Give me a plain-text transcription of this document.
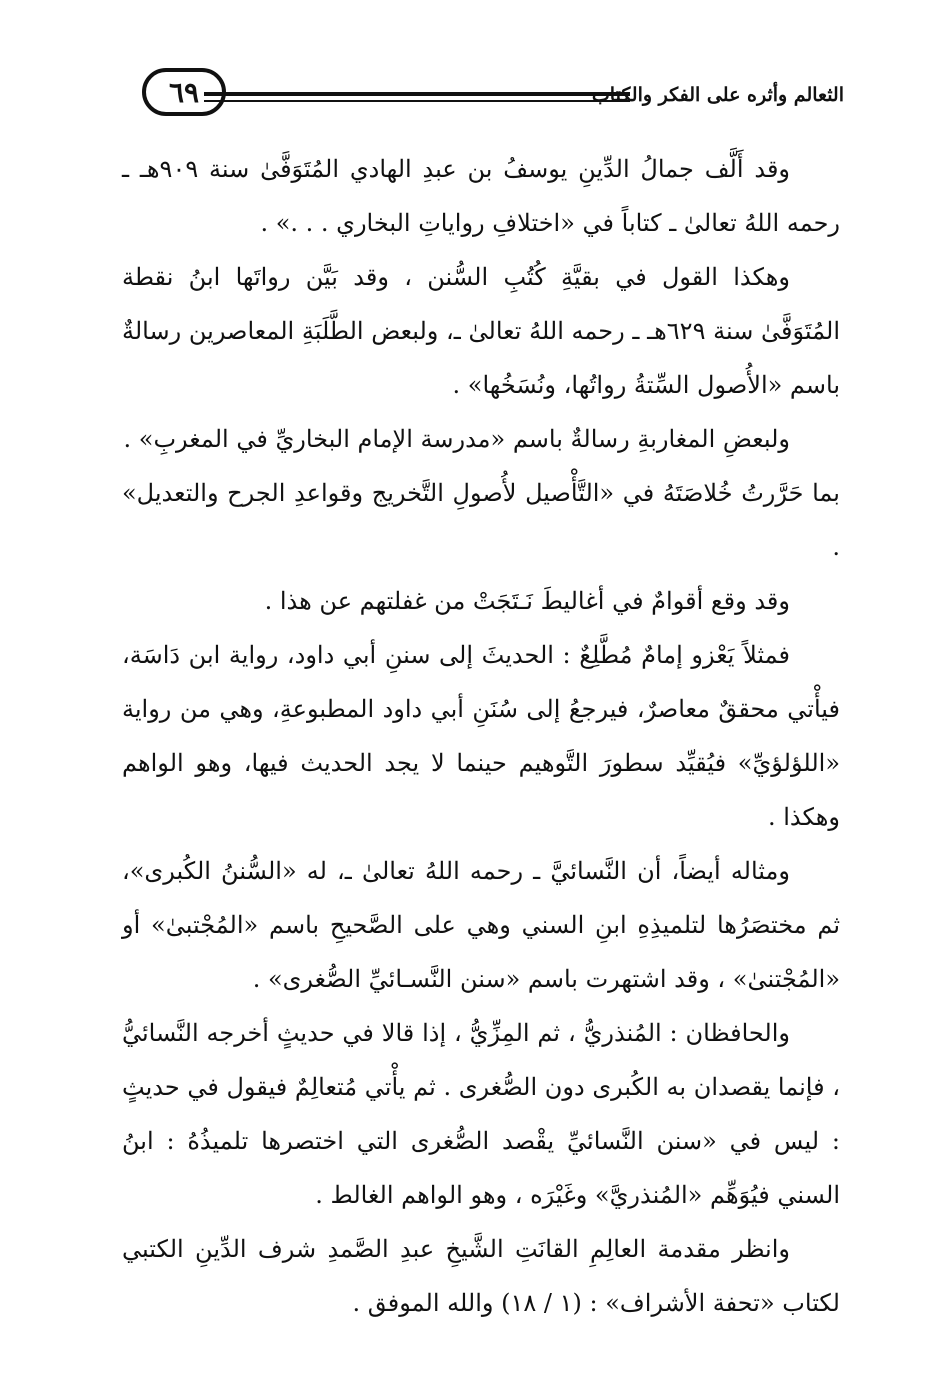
٦٩	الثعالم وأثره على الفكر والكتاب

وقد أَلَّف جمالُ الدِّينِ يوسفُ بن عبدِ الهادي المُتَوَفَّىٰ سنة ٩٠٩هـ ـ رحمه اللهُ تعالىٰ ـ كتاباً في «اختلافِ رواياتِ البخاري . . .» .

وهكذا القول في بقيَّةِ كُتُبِ السُّنن ، وقد بَيَّن رواتَها ابنُ نقطة المُتَوَفَّىٰ سنة ٦٢٩هـ ـ رحمه اللهُ تعالىٰ ـ، ولبعض الطَّلَبَةِ المعاصرين رسالةٌ باسم «الأُصول السِّتةُ رواتُها، ونُسَخُها» .

ولبعضِ المغاربةِ رسالةٌ باسم «مدرسة الإمام البخاريِّ في المغربِ» .

بما حَرَّرتُ خُلاصَتَهُ في «التَّأْصيل لأُصولِ التَّخريج وقواعدِ الجرح والتعديل» .

وقد وقع أقوامٌ في أغاليطَ نَـتَجَتْ من غفلتهم عن هذا .

فمثلاً يَعْزو إمامٌ مُطَّلِعٌ : الحديثَ إلى سننِ أبي داود، رواية ابن دَاسَة، فيأْتي محققٌ معاصرٌ، فيرجعُ إلى سُنَنِ أبي داود المطبوعةِ، وهي من رواية «اللؤلؤيِّ» فيُقيِّد سطورَ التَّوهيم حينما لا يجد الحديث فيها، وهو الواهم وهكذا .

ومثاله أيضاً، أن النَّسائيَّ ـ رحمه اللهُ تعالىٰ ـ، له «السُّننُ الكُبرى»، ثم مختصَرُها لتلميذِهِ ابنِ السني وهي على الصَّحيحِ باسم «المُجْتبىٰ» أو «المُجْتنىٰ» ، وقد اشتهرت باسم «سنن النَّسـائيِّ الصُّغرى» .

والحافظان : المُنذريُّ ، ثم المِزِّيُّ ، إذا قالا في حديثٍ أخرجه النَّسائيُّ ، فإنما يقصدان به الكُبرى دون الصُّغرى . ثم يأْتي مُتعالِمٌ فيقول في حديثٍ : ليس في «سنن النَّسائيِّ يقْصد الصُّغرى التي اختصرها تلميذُهُ : ابنُ السني فيُوَهِّم «المُنذريَّ» وغَيْرَه ، وهو الواهم الغالط .

وانظر مقدمة العالِمِ القانَتِ الشَّيخِ عبدِ الصَّمدِ شرف الدِّينِ الكتبي لكتاب «تحفة الأشراف» : (١ / ١٨) والله الموفق .
